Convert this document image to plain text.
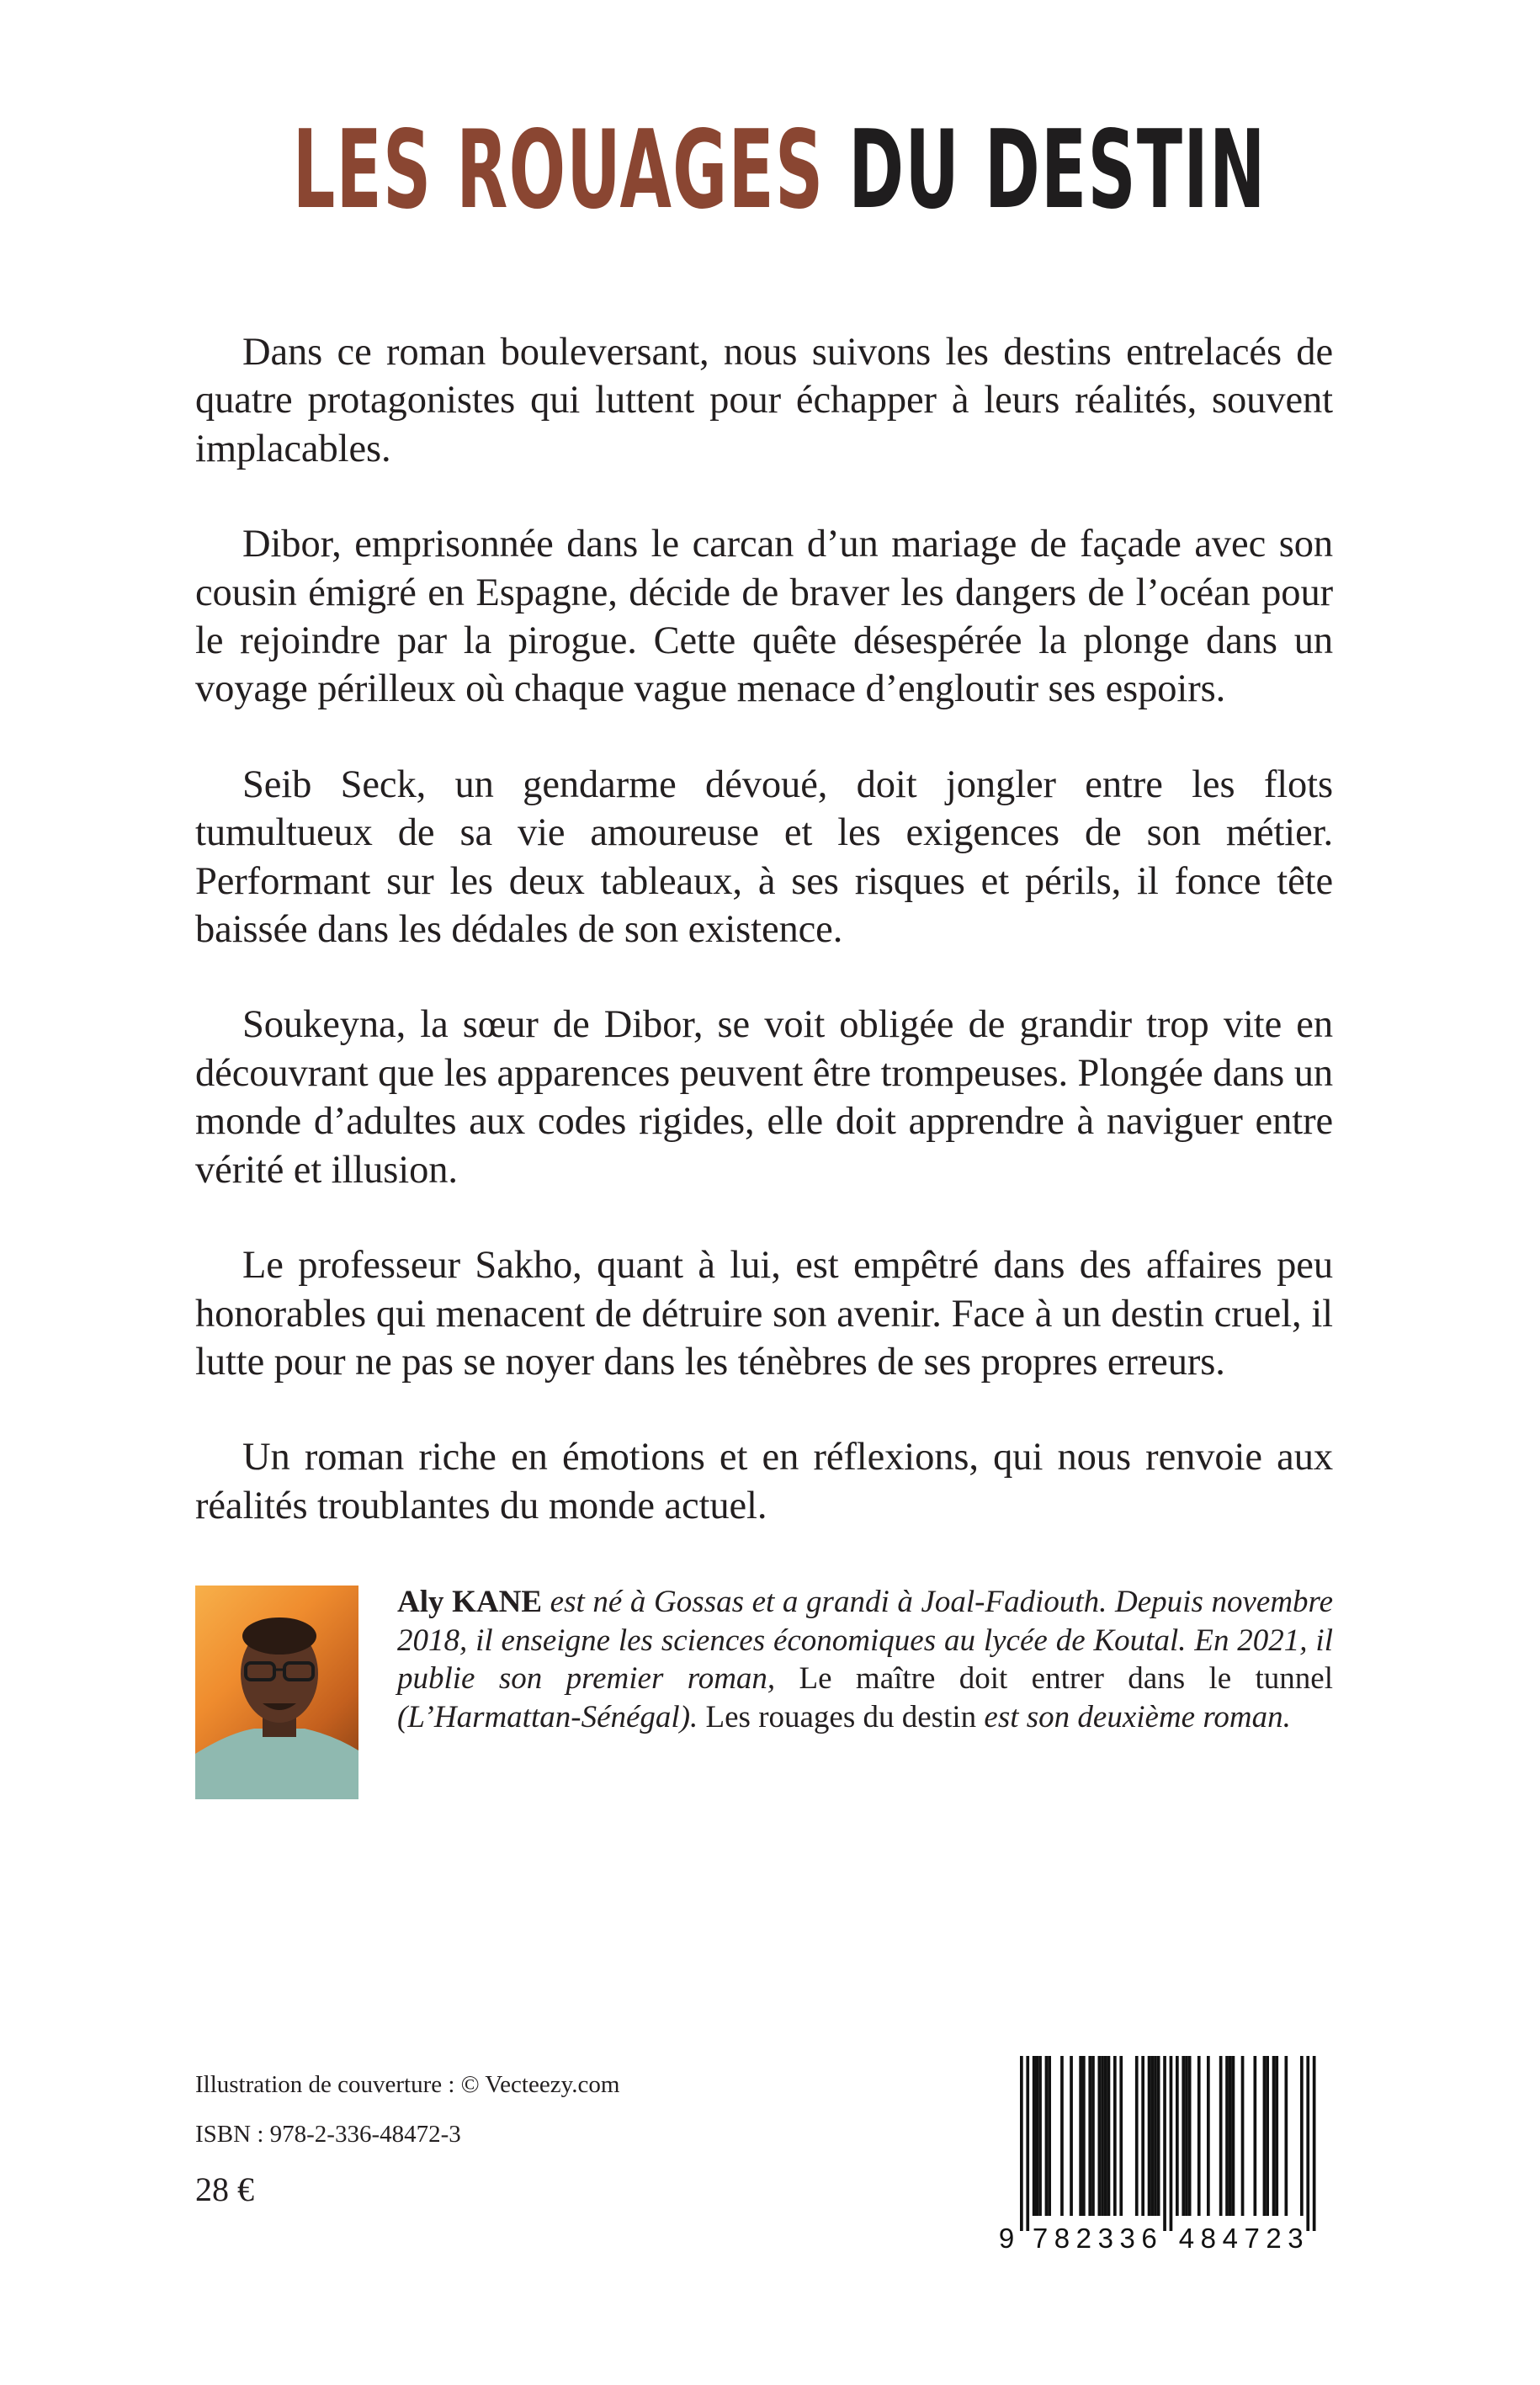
LES ROUAGES DU DESTIN

Dans ce roman bouleversant, nous suivons les destins entrelacés de quatre protagonistes qui luttent pour échapper à leurs réalités, souvent implacables.

Dibor, emprisonnée dans le carcan d’un mariage de façade avec son cousin émigré en Espagne, décide de braver les dangers de l’océan pour le rejoindre par la pirogue. Cette quête désespérée la plonge dans un voyage périlleux où chaque vague menace d’engloutir ses espoirs.

Seib Seck, un gendarme dévoué, doit jongler entre les flots tumultueux de sa vie amoureuse et les exigences de son métier. Performant sur les deux tableaux, à ses risques et périls, il fonce tête baissée dans les dédales de son existence.

Soukeyna, la sœur de Dibor, se voit obligée de grandir trop vite en découvrant que les apparences peuvent être trompeuses. Plongée dans un monde d’adultes aux codes rigides, elle doit apprendre à naviguer entre vérité et illusion.

Le professeur Sakho, quant à lui, est empêtré dans des affaires peu honorables qui menacent de détruire son avenir. Face à un destin cruel, il lutte pour ne pas se noyer dans les ténèbres de ses propres erreurs.

Un roman riche en émotions et en réflexions, qui nous renvoie aux réalités troublantes du monde actuel.

Aly KANE est né à Gossas et a grandi à Joal-Fadiouth. Depuis novembre 2018, il enseigne les sciences économiques au lycée de Koutal. En 2021, il publie son premier roman, Le maître doit entrer dans le tunnel (L’Harmattan-Sénégal). Les rouages du destin est son deuxième roman.
Illustration de couverture : © Vecteezy.com
ISBN : 978-2-336-48472-3
28 €
9 7 8 2 3 3 6 4 8 4 7 2 3
